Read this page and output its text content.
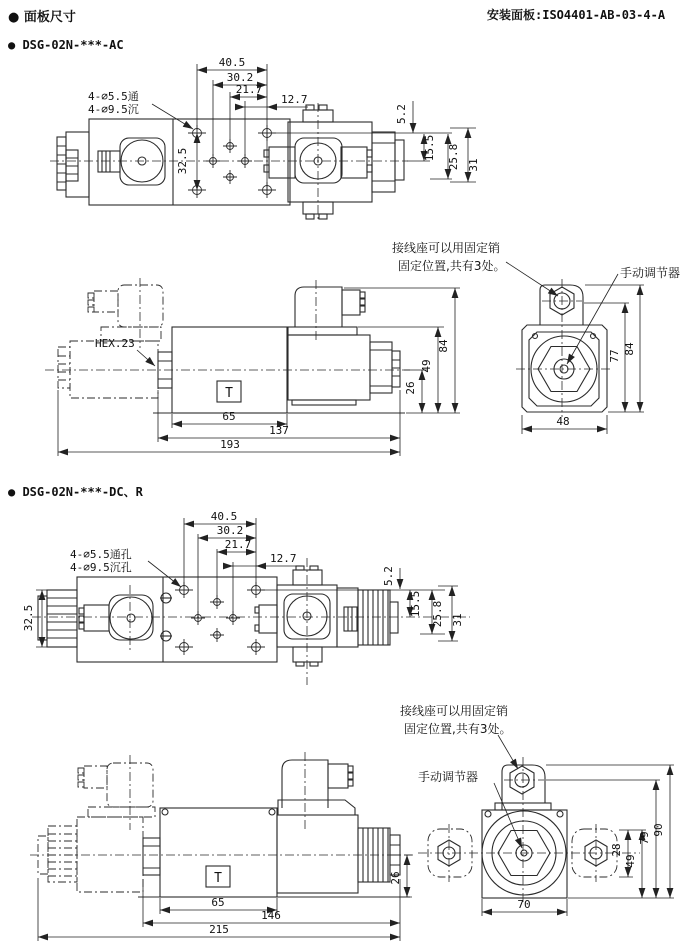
● 面板尺寸	安装面板:ISO4401-AB-03-4-A
● DSG-02N-***-AC
● DSG-02N-***-DC、R
40.5
30.2
21.7
12.7
5.2
15.5 25.8 31
32.5
4-∅5.5通
4-∅9.5沉
26
49
84
65
137
193
HEX.23
T
77
84
48
接线座可以用固定销
固定位置,共有3处。	手动调节器
40.5
30.2
21.7
12.7
5.2
15.5 25.8 31
32.5
4-∅5.5通孔
4-∅9.5沉孔
26
65
146
215
T
28
49
79
90
70
接线座可以用固定销
固定位置,共有3处。
手动调节器
